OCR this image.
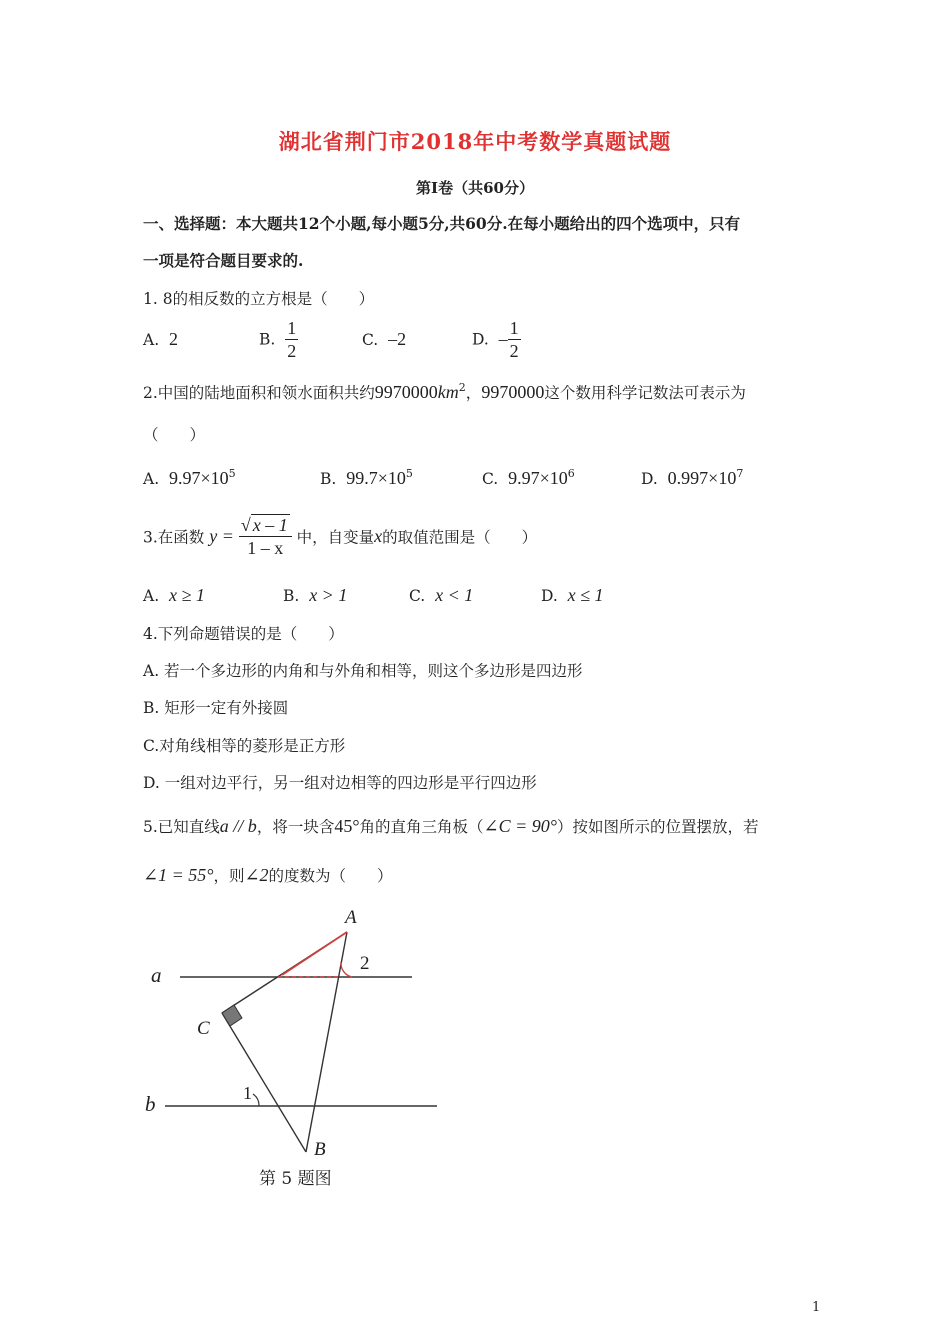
湖北省荆门市2018年中考数学真题试题
第Ⅰ卷（共60分）
一、选择题：本大题共12个小题,每小题5分,共60分.在每小题给出的四个选项中，只有
一项是符合题目要求的.
1. 8的相反数的立方根是（　　）
A. 2	B. $\frac{1}{2}$	C. –2	D. – $\frac{1}{2}$
2.中国的陆地面积和领水面积共约$9970000km^2$，9970000这个数用科学记数法可表示为
（　　）
A. $9.97\times 10^5$	B. $99.7\times 10^5$	C. $9.97\times 10^6$	D. $0.997\times 10^7$
3.在函数 $y = \frac{√ x - 1}{1 - x}$ 中，自变量x的取值范围是（　　）
A. x ≥ 1	B. x > 1	C. x < 1	D. x ≤ 1
4.下列命题错误的是（　　）
A. 若一个多边形的内角和与外角和相等，则这个多边形是四边形
B. 矩形一定有外接圆
C.对角线相等的菱形是正方形
D. 一组对边平行，另一组对边相等的四边形是平行四边形
5.已知直线a // b，将一块含45°角的直角三角板（∠C = 90°）按如图所示的位置摆放，若
∠1 = 55°，则∠2的度数为（　　）
a
b
A
B
C
1
2
第 5 题图
1
